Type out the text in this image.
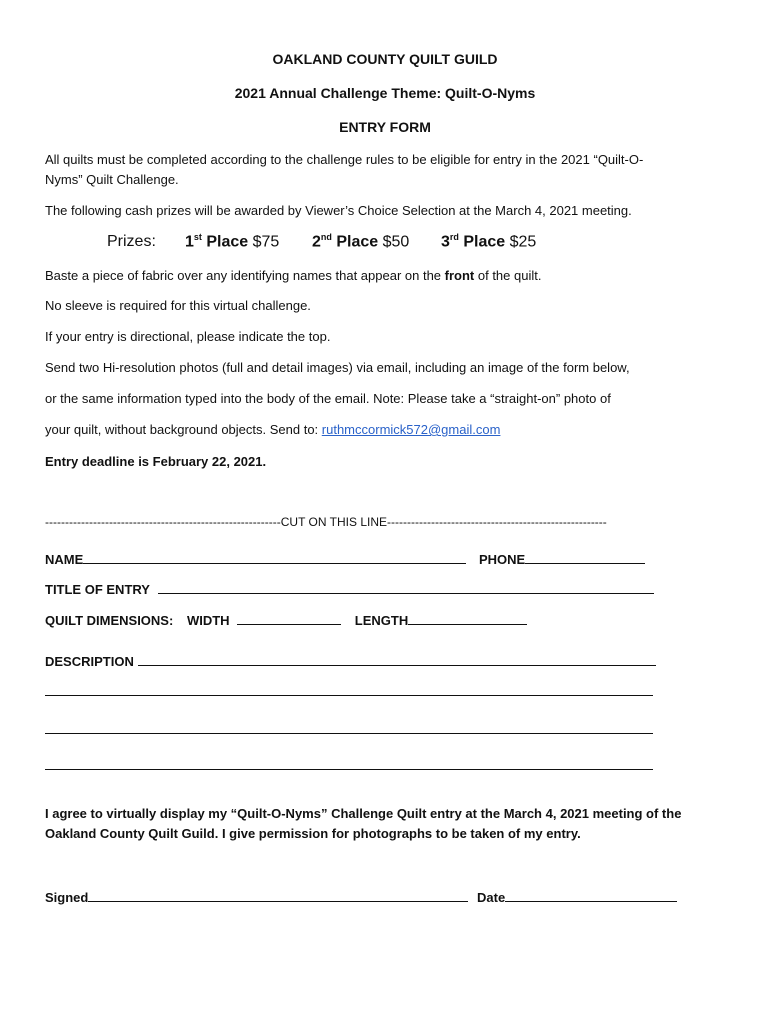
OAKLAND COUNTY QUILT GUILD
2021 Annual Challenge Theme: Quilt-O-Nyms
ENTRY FORM
All quilts must be completed according to the challenge rules to be eligible for entry in the 2021 “Quilt-O-
Nyms” Quilt Challenge.
The following cash prizes will be awarded by Viewer’s Choice Selection at the March 4, 2021 meeting.
Prizes: 1st Place $75 2nd Place $50 3rd Place $25
Baste a piece of fabric over any identifying names that appear on the front of the quilt.
No sleeve is required for this virtual challenge.
If your entry is directional, please indicate the top.
Send two Hi-resolution photos (full and detail images) via email, including an image of the form below,
or the same information typed into the body of the email. Note: Please take a “straight-on” photo of
your quilt, without background objects. Send to: ruthmccormick572@gmail.com
Entry deadline is February 22, 2021.
-----------------------------------------------------------CUT ON THIS LINE-------------------------------------------------------
NAME	PHONE
TITLE OF ENTRY
QUILT DIMENSIONS: WIDTH	LENGTH
DESCRIPTION
I agree to virtually display my “Quilt-O-Nyms” Challenge Quilt entry at the March 4, 2021 meeting of the
Oakland County Quilt Guild. I give permission for photographs to be taken of my entry.
Signed	Date
